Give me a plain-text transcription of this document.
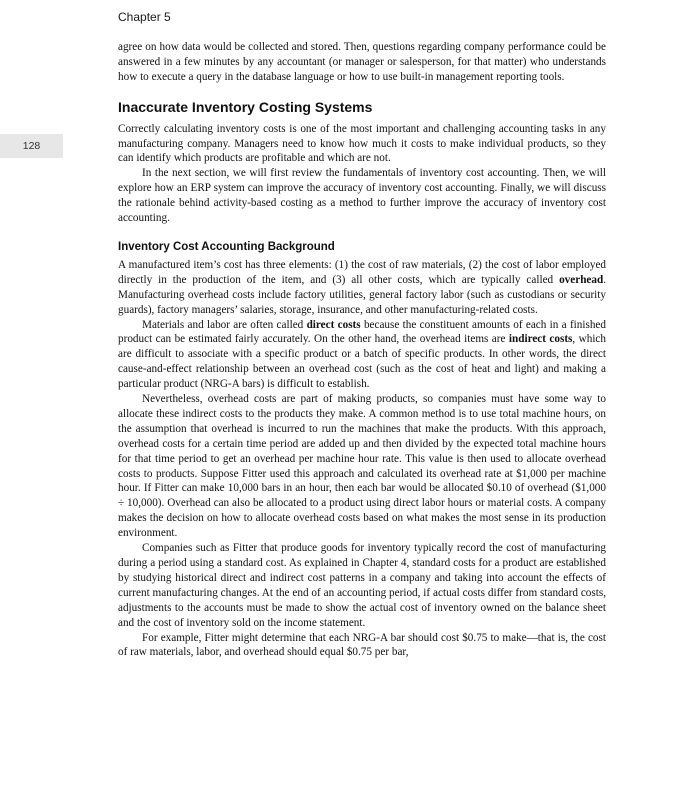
Chapter 5
128

agree on how data would be collected and stored. Then, questions regarding company performance could be answered in a few minutes by any accountant (or manager or salesperson, for that matter) who understands how to execute a query in the database language or how to use built-in management reporting tools.

Inaccurate Inventory Costing Systems

Correctly calculating inventory costs is one of the most important and challenging accounting tasks in any manufacturing company. Managers need to know how much it costs to make individual products, so they can identify which products are profitable and which are not.

In the next section, we will first review the fundamentals of inventory cost accounting. Then, we will explore how an ERP system can improve the accuracy of inventory cost accounting. Finally, we will discuss the rationale behind activity-based costing as a method to further improve the accuracy of inventory cost accounting.

Inventory Cost Accounting Background

A manufactured item’s cost has three elements: (1) the cost of raw materials, (2) the cost of labor employed directly in the production of the item, and (3) all other costs, which are typically called overhead. Manufacturing overhead costs include factory utilities, general factory labor (such as custodians or security guards), factory managers’ salaries, storage, insurance, and other manufacturing-related costs.

Materials and labor are often called direct costs because the constituent amounts of each in a finished product can be estimated fairly accurately. On the other hand, the overhead items are indirect costs, which are difficult to associate with a specific product or a batch of specific products. In other words, the direct cause-and-effect relationship between an overhead cost (such as the cost of heat and light) and making a particular product (NRG-A bars) is difficult to establish.

Nevertheless, overhead costs are part of making products, so companies must have some way to allocate these indirect costs to the products they make. A common method is to use total machine hours, on the assumption that overhead is incurred to run the machines that make the products. With this approach, overhead costs for a certain time period are added up and then divided by the expected total machine hours for that time period to get an overhead per machine hour rate. This value is then used to allocate overhead costs to products. Suppose Fitter used this approach and calculated its overhead rate at $1,000 per machine hour. If Fitter can make 10,000 bars in an hour, then each bar would be allocated $0.10 of overhead ($1,000 ÷ 10,000). Overhead can also be allocated to a product using direct labor hours or material costs. A company makes the decision on how to allocate overhead costs based on what makes the most sense in its production environment.

Companies such as Fitter that produce goods for inventory typically record the cost of manufacturing during a period using a standard cost. As explained in Chapter 4, standard costs for a product are established by studying historical direct and indirect cost patterns in a company and taking into account the effects of current manufacturing changes. At the end of an accounting period, if actual costs differ from standard costs, adjustments to the accounts must be made to show the actual cost of inventory owned on the balance sheet and the cost of inventory sold on the income statement.

For example, Fitter might determine that each NRG-A bar should cost $0.75 to make—that is, the cost of raw materials, labor, and overhead should equal $0.75 per bar,
